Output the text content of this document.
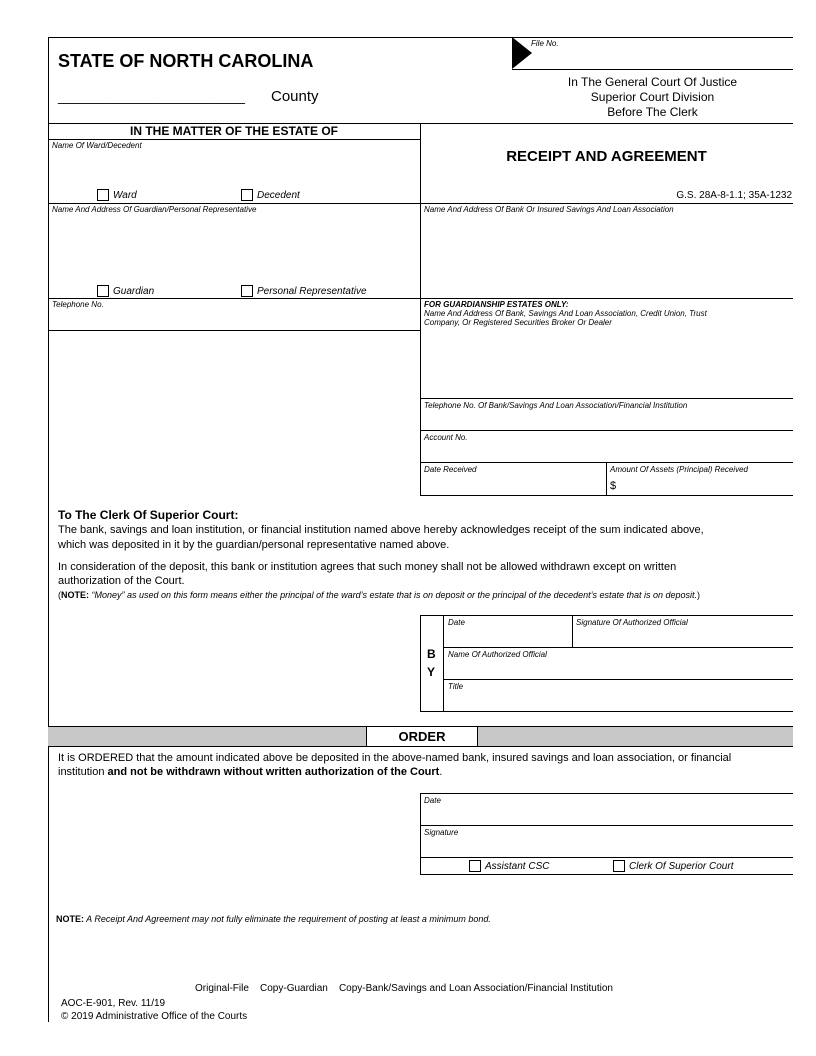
File No.
STATE OF NORTH CAROLINA
________________________ County
In The General Court Of Justice
Superior Court Division
Before The Clerk
IN THE MATTER OF THE ESTATE OF
Name Of Ward/Decedent
Ward	Decedent
Name And Address Of Guardian/Personal Representative
Guardian	Personal Representative
Telephone No.
RECEIPT AND AGREEMENT
G.S. 28A-8-1.1; 35A-1232
Name And Address Of Bank Or Insured Savings And Loan Association
FOR GUARDIANSHIP ESTATES ONLY:
Name And Address Of Bank, Savings And Loan Association, Credit Union, Trust
Company, Or Registered Securities Broker Or Dealer
Telephone No. Of Bank/Savings And Loan Association/Financial Institution
Account No.
Date Received	Amount Of Assets (Principal) Received
$
To The Clerk Of Superior Court:
The bank, savings and loan institution, or financial institution named above hereby acknowledges receipt of the sum indicated above,
which was deposited in it by the guardian/personal representative named above.
In consideration of the deposit, this bank or institution agrees that such money shall not be allowed withdrawn except on written
authorization of the Court.
(NOTE: “Money” as used on this form means either the principal of the ward’s estate that is on deposit or the principal of the decedent’s estate that is on deposit.)
B
Y
Date	Signature Of Authorized Official
Name Of Authorized Official
Title
ORDER
It is ORDERED that the amount indicated above be deposited in the above-named bank, insured savings and loan association, or financial
institution and not be withdrawn without written authorization of the Court.
Date
Signature
Assistant CSC	Clerk Of Superior Court
NOTE: A Receipt And Agreement may not fully eliminate the requirement of posting at least a minimum bond.
Original-File    Copy-Guardian    Copy-Bank/Savings and Loan Association/Financial Institution
AOC-E-901, Rev. 11/19
© 2019 Administrative Office of the Courts
